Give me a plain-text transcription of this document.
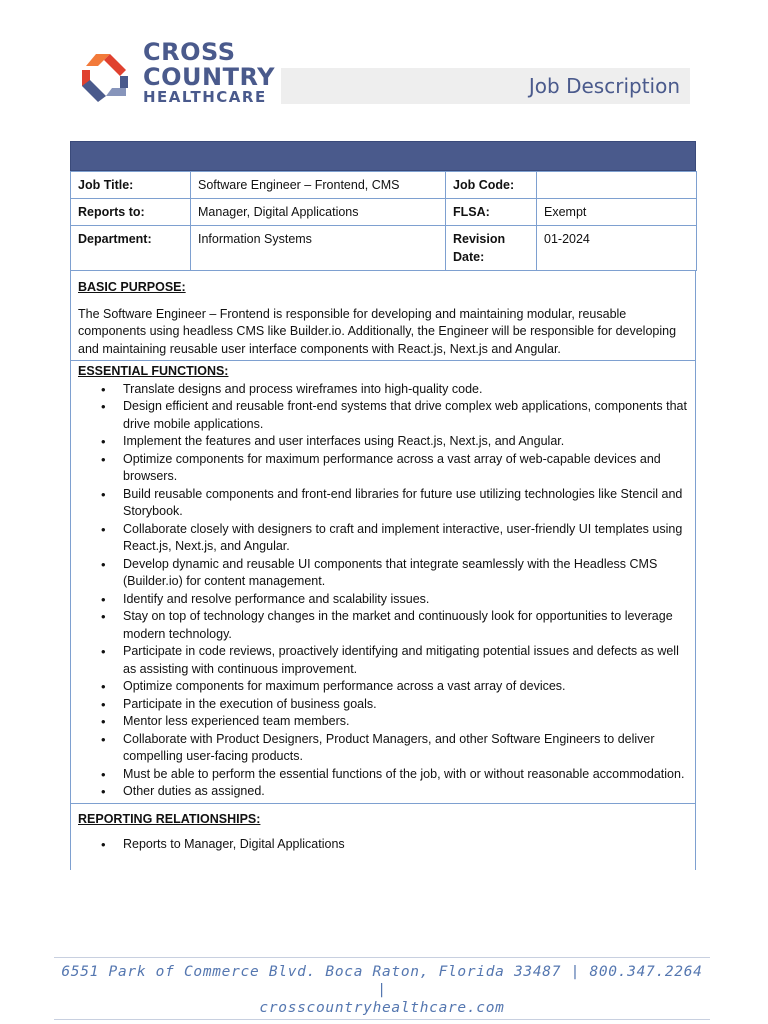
CROSS
COUNTRY
HEALTHCARE	Job Description
Job Title:	Software Engineer – Frontend, CMS	Job Code:	
Reports to:	Manager, Digital Applications	FLSA:	Exempt
Department:	Information Systems	Revision Date:	01-2024
BASIC PURPOSE:

The Software Engineer – Frontend is responsible for developing and maintaining modular, reusable components using headless CMS like Builder.io. Additionally, the Engineer will be responsible for developing and maintaining reusable user interface components with React.js, Next.js and Angular.

ESSENTIAL FUNCTIONS:
• Translate designs and process wireframes into high-quality code.
• Design efficient and reusable front-end systems that drive complex web applications, components that drive mobile applications.
• Implement the features and user interfaces using React.js, Next.js, and Angular.
• Optimize components for maximum performance across a vast array of web-capable devices and browsers.
• Build reusable components and front-end libraries for future use utilizing technologies like Stencil and Storybook.
• Collaborate closely with designers to craft and implement interactive, user-friendly UI templates using React.js, Next.js, and Angular.
• Develop dynamic and reusable UI components that integrate seamlessly with the Headless CMS (Builder.io) for content management.
• Identify and resolve performance and scalability issues.
• Stay on top of technology changes in the market and continuously look for opportunities to leverage modern technology.
• Participate in code reviews, proactively identifying and mitigating potential issues and defects as well as assisting with continuous improvement.
• Optimize components for maximum performance across a vast array of devices.
• Participate in the execution of business goals.
• Mentor less experienced team members.
• Collaborate with Product Designers, Product Managers, and other Software Engineers to deliver compelling user-facing products.
• Must be able to perform the essential functions of the job, with or without reasonable accommodation.
• Other duties as assigned.
REPORTING RELATIONSHIPS:
• Reports to Manager, Digital Applications
6551 Park of Commerce Blvd. Boca Raton, Florida 33487 | 800.347.2264 |
crosscountryhealthcare.com
